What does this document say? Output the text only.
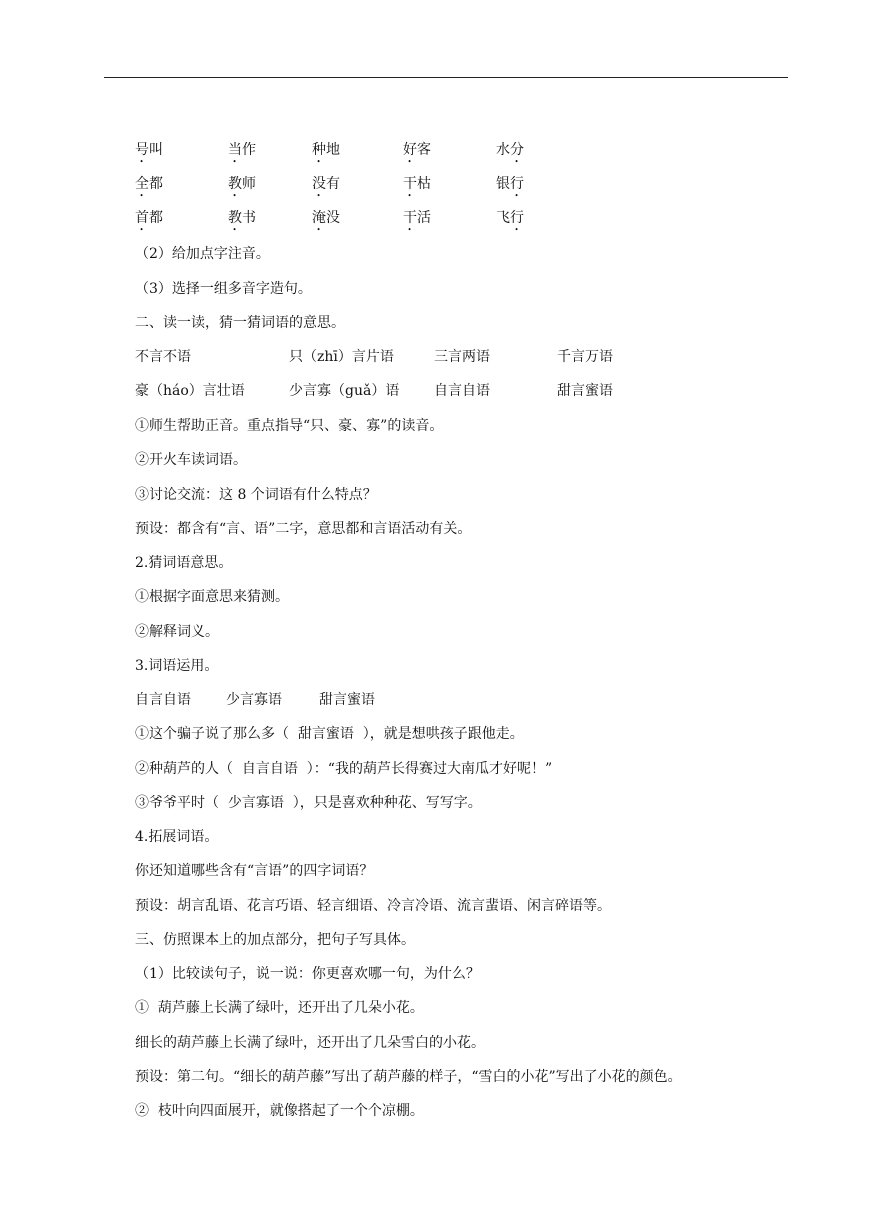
号叫	当作	种地	好客	水分
全都	教师	没有	干枯	银行
首都	教书	淹没	干活	飞行
（2）给加点字注音。
（3）选择一组多音字造句。
二、读一读，猜一猜词语的意思。
不言不语	只（zhī）言片语	三言两语	千言万语
豪（háo）言壮语	少言寡（guǎ）语 自言自语	甜言蜜语
①师生帮助正音。重点指导“只、豪、寡”的读音。
②开火车读词语。
③讨论交流：这 8 个词语有什么特点？
预设：都含有“言、语”二字，意思都和言语活动有关。
2.猜词语意思。
①根据字面意思来猜测。
②解释词义。
3.词语运用。
自言自语	少言寡语	甜言蜜语
①这个骗子说了那么多（  甜言蜜语  ），就是想哄孩子跟他走。
②种葫芦的人（  自言自语  ）：“我的葫芦长得赛过大南瓜才好呢！”
③爷爷平时（  少言寡语  ），只是喜欢种种花、写写字。
4.拓展词语。
你还知道哪些含有“言语”的四字词语？
预设：胡言乱语、花言巧语、轻言细语、冷言冷语、流言蜚语、闲言碎语等。
三、仿照课本上的加点部分，把句子写具体。
（1）比较读句子，说一说：你更喜欢哪一句，为什么？
①  葫芦藤上长满了绿叶，还开出了几朵小花。
细长的葫芦藤上长满了绿叶，还开出了几朵雪白的小花。
预设：第二句。“细长的葫芦藤”写出了葫芦藤的样子，“雪白的小花”写出了小花的颜色。
②  枝叶向四面展开，就像搭起了一个个凉棚。
